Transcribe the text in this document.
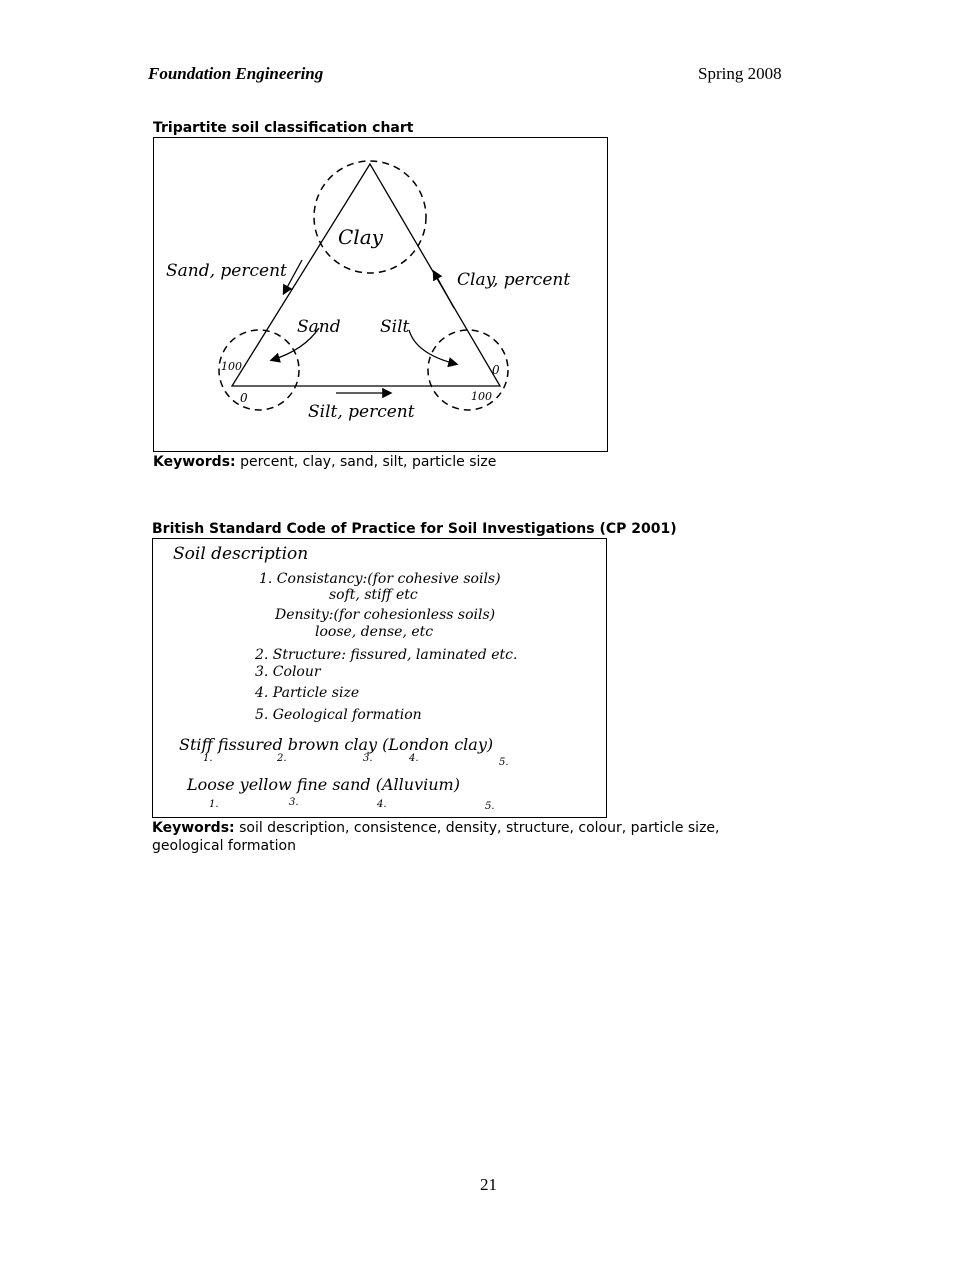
Foundation Engineering	Spring 2008
Tripartite soil classification chart
Clay
Sand, percent	Clay, percent
Silt, percent
Sand Silt
100
0
0
100
Keywords: percent, clay, sand, silt, particle size
British Standard Code of Practice for Soil Investigations (CP 2001)
Soil description
1. Consistancy:(for cohesive soils)
soft, stiff etc
Density:(for cohesionless soils)
loose, dense, etc
2. Structure: fissured, laminated etc.
3. Colour
4. Particle size
5. Geological formation
Stiff fissured brown clay (London clay)
1.	2.	3.	4.	5.
Loose yellow fine sand (Alluvium)
1.	3.	4.	5.
Keywords: soil description, consistence, density, structure, colour, particle size, geological formation
21
